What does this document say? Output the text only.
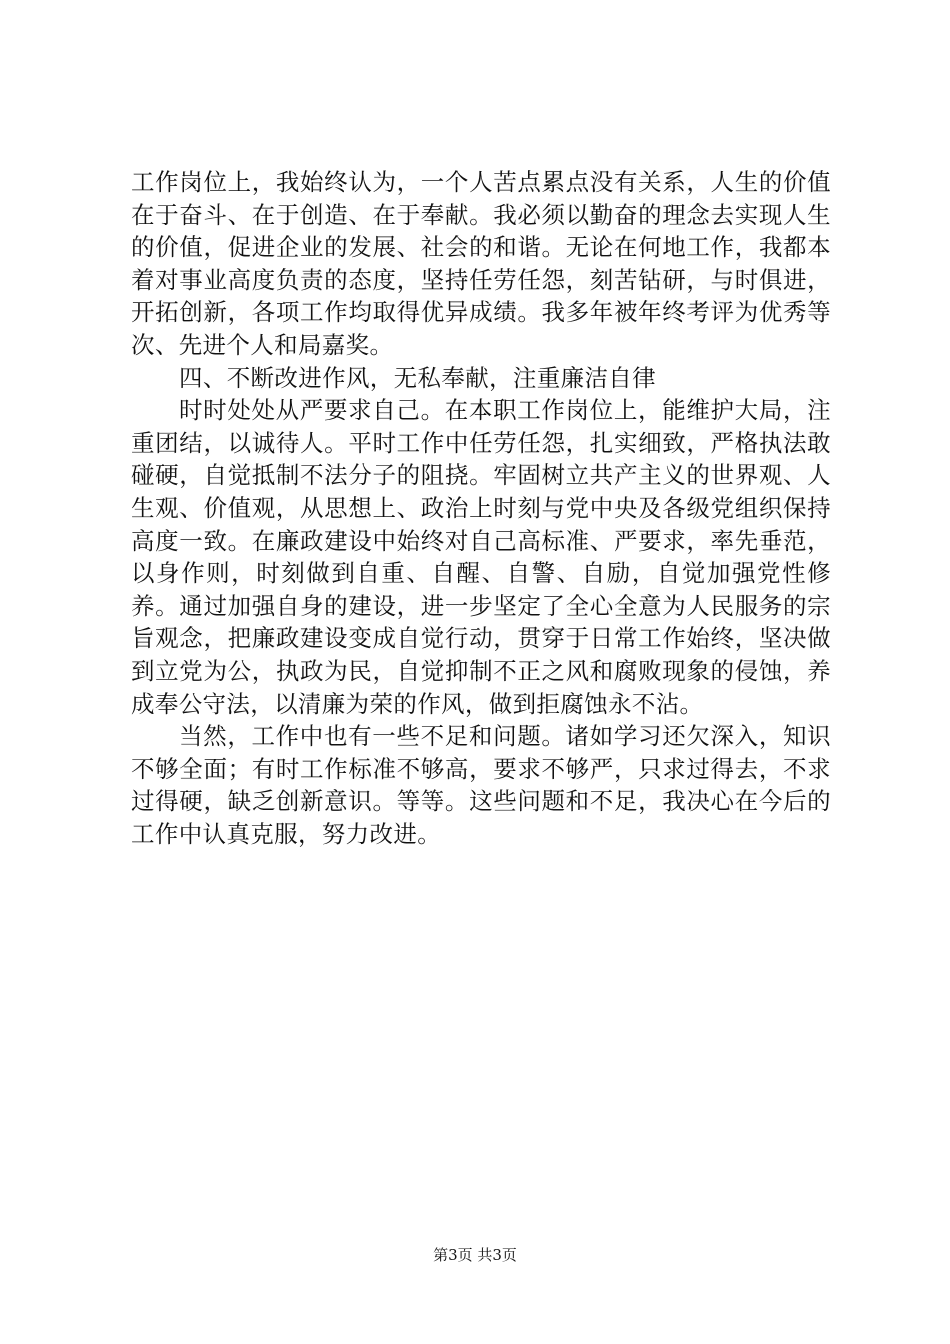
工作岗位上，我始终认为，一个人苦点累点没有关系，人生的价值在于奋斗、在于创造、在于奉献。我必须以勤奋的理念去实现人生的价值，促进企业的发展、社会的和谐。无论在何地工作，我都本着对事业高度负责的态度，坚持任劳任怨，刻苦钻研，与时俱进，开拓创新，各项工作均取得优异成绩。我多年被年终考评为优秀等次、先进个人和局嘉奖。

四、不断改进作风，无私奉献，注重廉洁自律

时时处处从严要求自己。在本职工作岗位上，能维护大局，注重团结，以诚待人。平时工作中任劳任怨，扎实细致，严格执法敢碰硬，自觉抵制不法分子的阻挠。牢固树立共产主义的世界观、人生观、价值观，从思想上、政治上时刻与党中央及各级党组织保持高度一致。在廉政建设中始终对自己高标准、严要求，率先垂范，以身作则，时刻做到自重、自醒、自警、自励，自觉加强党性修养。通过加强自身的建设，进一步坚定了全心全意为人民服务的宗旨观念，把廉政建设变成自觉行动，贯穿于日常工作始终，坚决做到立党为公，执政为民，自觉抑制不正之风和腐败现象的侵蚀，养成奉公守法，以清廉为荣的作风，做到拒腐蚀永不沾。

当然，工作中也有一些不足和问题。诸如学习还欠深入，知识不够全面；有时工作标准不够高，要求不够严，只求过得去，不求过得硬，缺乏创新意识。等等。这些问题和不足，我决心在今后的工作中认真克服，努力改进。

第3页 共3页
